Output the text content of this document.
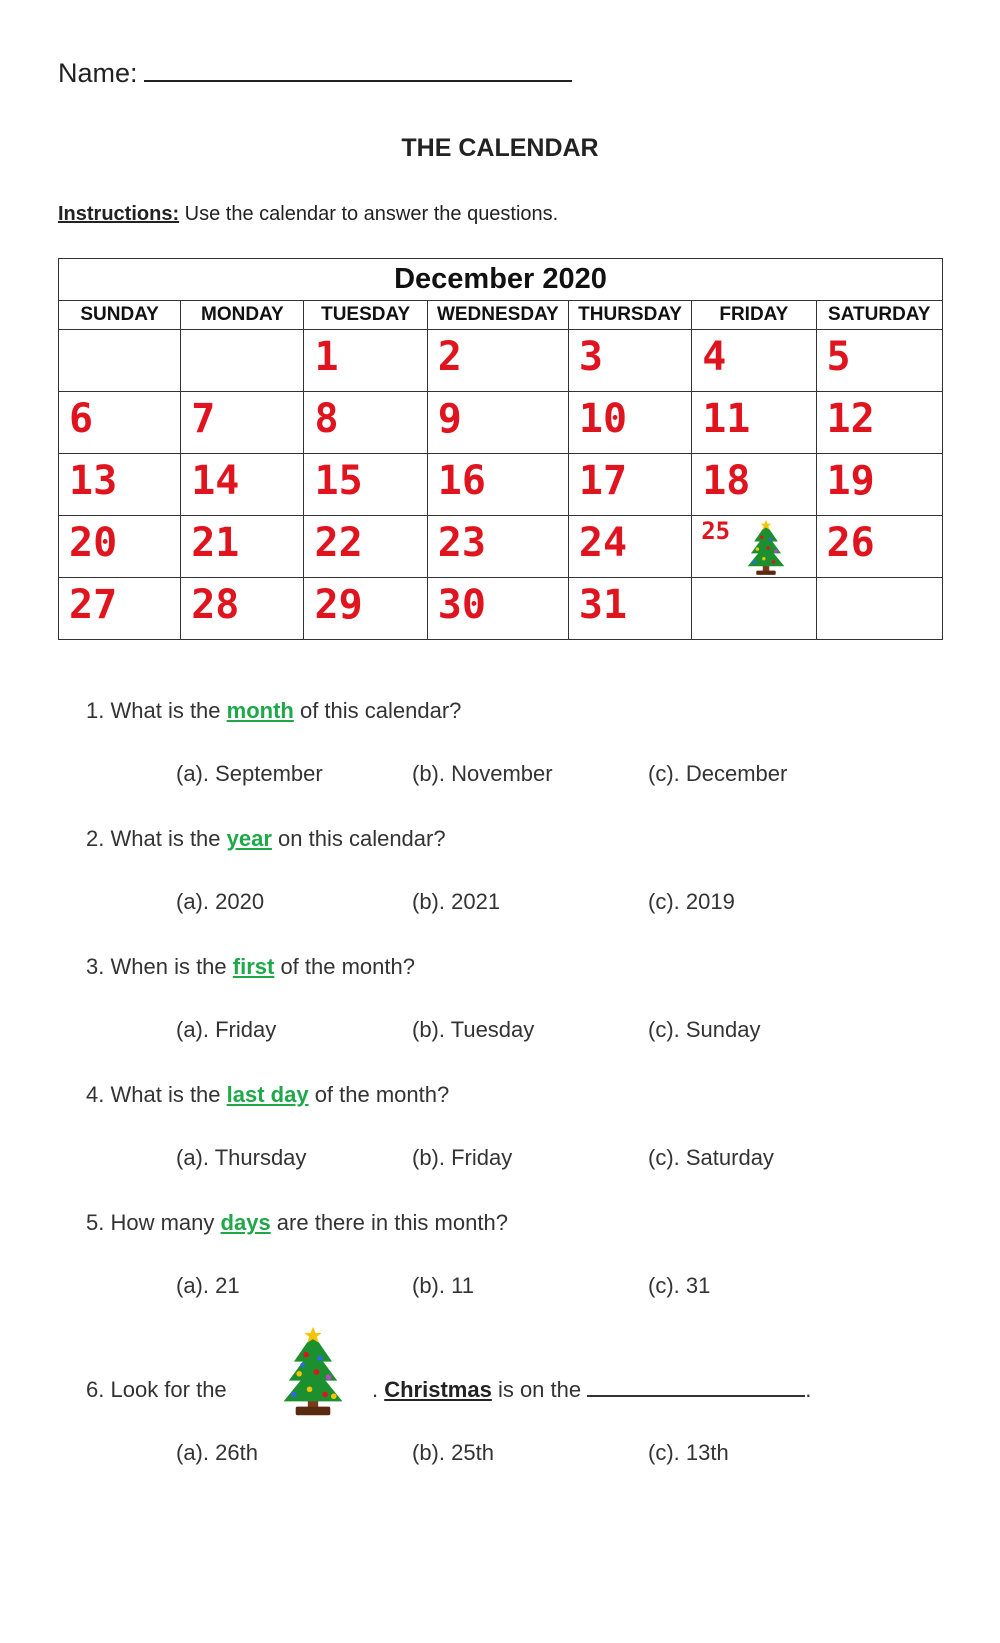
Name:
THE CALENDAR
Instructions: Use the calendar to answer the questions.
December 2020						
SUNDAY	MONDAY	TUESDAY	WEDNESDAY	THURSDAY	FRIDAY	SATURDAY

		1	2	3	4	5

6	7	8	9	10	11	12

13	14	15	16	17	18	19

20	21	22	23	24	25	26

27	28	29	30	31		

1. What is the month of this calendar?
(a). September	(b). November	(c). December
2. What is the year on this calendar?
(a). 2020	(b). 2021	(c). 2019
3. When is the first of the month?
(a). Friday	(b). Tuesday	(c). Sunday
4. What is the last day of the month?
(a). Thursday	(b). Friday	(c). Saturday
5. How many days are there in this month?
(a). 21	(b). 11	(c). 31
6. Look for the	. Christmas is on the	.
(a). 26th	(b). 25th	(c). 13th
